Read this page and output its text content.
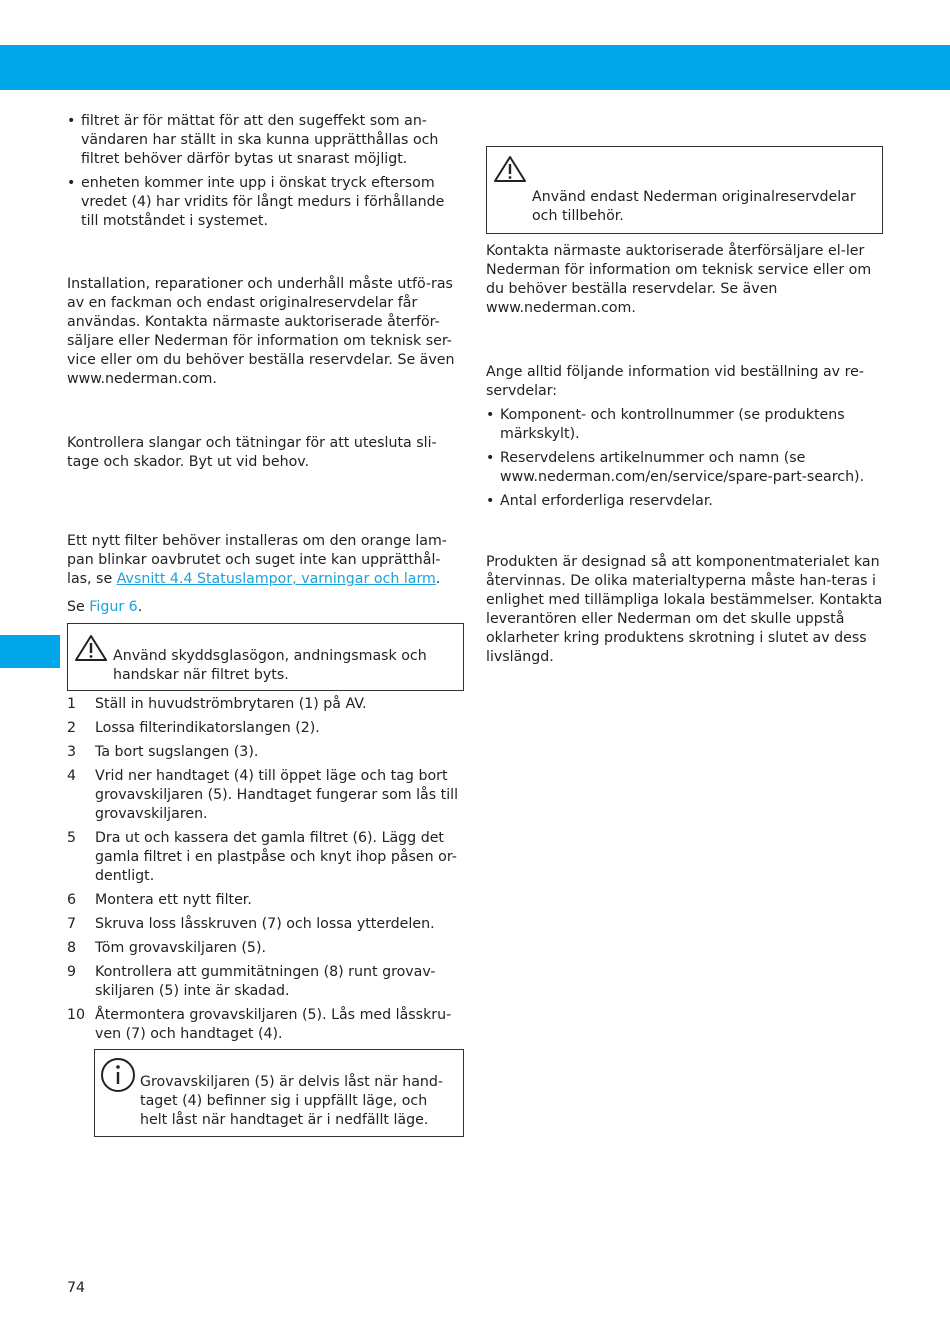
• filtret är för mättat för att den sugeffekt som an-vändaren har ställt in ska kunna upprätthållas och filtret behöver därför bytas ut snarast möjligt.
• enheten kommer inte upp i önskat tryck eftersom vredet (4) har vridits för långt medurs i förhållande till motståndet i systemet.

Installation, reparationer och underhåll måste utfö-ras av en fackman och endast originalreservdelar får användas. Kontakta närmaste auktoriserade återför-säljare eller Nederman för information om teknisk ser-vice eller om du behöver beställa reservdelar. Se även www.nederman.com.

Kontrollera slangar och tätningar för att utesluta sli-tage och skador. Byt ut vid behov.

Ett nytt filter behöver installeras om den orange lam-pan blinkar oavbrutet och suget inte kan upprätthål-las, se Avsnitt 4.4 Statuslampor, varningar och larm.

Se Figur 6.

Använd skyddsglasögon, andningsmask och handskar när filtret byts.
1 Ställ in huvudströmbrytaren (1) på AV.
2 Lossa filterindikatorslangen (2).
3 Ta bort sugslangen (3).
4 Vrid ner handtaget (4) till öppet läge och tag bort grovavskiljaren (5). Handtaget fungerar som lås till grovavskiljaren.
5 Dra ut och kassera det gamla filtret (6). Lägg det gamla filtret i en plastpåse och knyt ihop påsen or-dentligt.
6 Montera ett nytt filter.
7 Skruva loss låsskruven (7) och lossa ytterdelen.
8 Töm grovavskiljaren (5).
9 Kontrollera att gummitätningen (8) runt grovav-skiljaren (5) inte är skadad.
10 Återmontera grovavskiljaren (5). Lås med låsskru-ven (7) och handtaget (4).
Grovavskiljaren (5) är delvis låst när hand-taget (4) befinner sig i uppfällt läge, och helt låst när handtaget är i nedfällt läge.
Använd endast Nederman originalreservdelar och tillbehör.

Kontakta närmaste auktoriserade återförsäljare el-ler Nederman för information om teknisk service eller om du behöver beställa reservdelar. Se även www.nederman.com.

Ange alltid följande information vid beställning av re-servdelar:

• Komponent- och kontrollnummer (se produktens märkskylt).
• Reservdelens artikelnummer och namn (se www.nederman.com/en/service/spare-part-search).
• Antal erforderliga reservdelar.

Produkten är designad så att komponentmaterialet kan återvinnas. De olika materialtyperna måste han-teras i enlighet med tillämpliga lokala bestämmelser. Kontakta leverantören eller Nederman om det skulle uppstå oklarheter kring produktens skrotning i slutet av dess livslängd.

74
